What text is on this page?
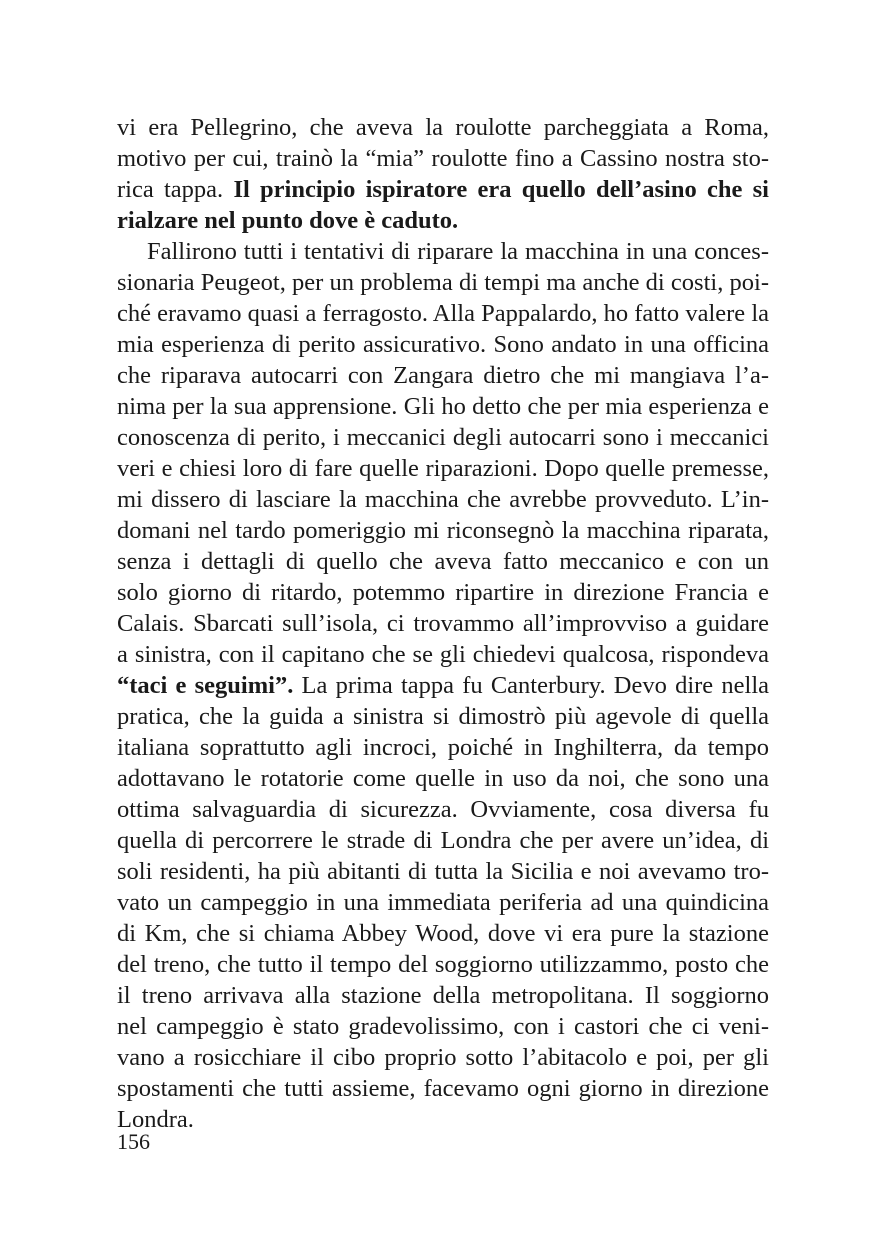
vi era Pellegrino, che aveva la roulotte parcheggiata a Roma,
motivo per cui, trainò la “mia” roulotte fino a Cassino nostra sto-
rica tappa. Il principio ispiratore era quello dell’asino che si
rialzare nel punto dove è caduto.
Fallirono tutti i tentativi di riparare la macchina in una conces-
sionaria Peugeot, per un problema di tempi ma anche di costi, poi-
ché eravamo quasi a ferragosto. Alla Pappalardo, ho fatto valere la
mia esperienza di perito assicurativo. Sono andato in una officina
che riparava autocarri con Zangara dietro che mi mangiava l’a-
nima per la sua apprensione. Gli ho detto che per mia esperienza e
conoscenza di perito, i meccanici degli autocarri sono i meccanici
veri e chiesi loro di fare quelle riparazioni. Dopo quelle premesse,
mi dissero di lasciare la macchina che avrebbe provveduto. L’in-
domani nel tardo pomeriggio mi riconsegnò la macchina riparata,
senza i dettagli di quello che aveva fatto meccanico e con un
solo giorno di ritardo, potemmo ripartire in direzione Francia e
Calais. Sbarcati sull’isola, ci trovammo all’improvviso a guidare
a sinistra, con il capitano che se gli chiedevi qualcosa, rispondeva
“taci e seguimi”. La prima tappa fu Canterbury. Devo dire nella
pratica, che la guida a sinistra si dimostrò più agevole di quella
italiana soprattutto agli incroci, poiché in Inghilterra, da tempo
adottavano le rotatorie come quelle in uso da noi, che sono una
ottima salvaguardia di sicurezza. Ovviamente, cosa diversa fu
quella di percorrere le strade di Londra che per avere un’idea, di
soli residenti, ha più abitanti di tutta la Sicilia e noi avevamo tro-
vato un campeggio in una immediata periferia ad una quindicina
di Km, che si chiama Abbey Wood, dove vi era pure la stazione
del treno, che tutto il tempo del soggiorno utilizzammo, posto che
il treno arrivava alla stazione della metropolitana. Il soggiorno
nel campeggio è stato gradevolissimo, con i castori che ci veni-
vano a rosicchiare il cibo proprio sotto l’abitacolo e poi, per gli
spostamenti che tutti assieme, facevamo ogni giorno in direzione
Londra.
156
